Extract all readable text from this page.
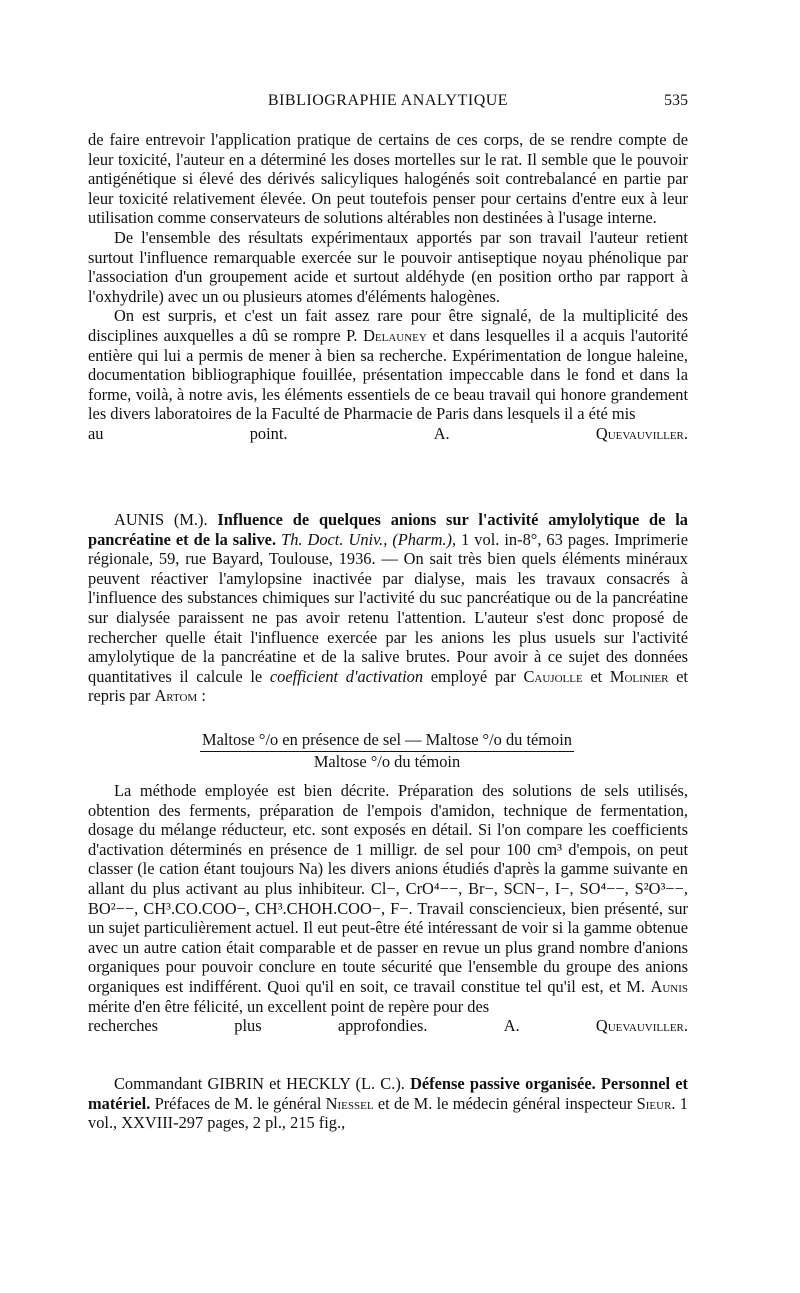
BIBLIOGRAPHIE ANALYTIQUE	535

de faire entrevoir l'application pratique de certains de ces corps, de se rendre compte de leur toxicité, l'auteur en a déterminé les doses mortelles sur le rat. Il semble que le pouvoir antigénétique si élevé des dérivés salicyliques halogénés soit contrebalancé en partie par leur toxicité relativement élevée. On peut toutefois penser pour certains d'entre eux à leur utilisation comme conservateurs de solutions altérables non destinées à l'usage interne.

De l'ensemble des résultats expérimentaux apportés par son travail l'auteur retient surtout l'influence remarquable exercée sur le pouvoir antiseptique noyau phénolique par l'association d'un groupement acide et surtout aldéhyde (en position ortho par rapport à l'oxhydrile) avec un ou plusieurs atomes d'éléments halogènes.

On est surpris, et c'est un fait assez rare pour être signalé, de la multiplicité des disciplines auxquelles a dû se rompre P. Delauney et dans lesquelles il a acquis l'autorité entière qui lui a permis de mener à bien sa recherche. Expérimentation de longue haleine, documentation bibliographique fouillée, présentation impeccable dans le fond et dans la forme, voilà, à notre avis, les éléments essentiels de ce beau travail qui honore grandement les divers laboratoires de la Faculté de Pharmacie de Paris dans lesquels il a été mis

au point.	A. Quevauviller.

AUNIS (M.). Influence de quelques anions sur l'activité amylolytique de la pancréatine et de la salive. Th. Doct. Univ., (Pharm.), 1 vol. in-8°, 63 pages. Imprimerie régionale, 59, rue Bayard, Toulouse, 1936. — On sait très bien quels éléments minéraux peuvent réactiver l'amylopsine inactivée par dialyse, mais les travaux consacrés à l'influence des substances chimiques sur l'activité du suc pancréatique ou de la pancréatine sur dialysée paraissent ne pas avoir retenu l'attention. L'auteur s'est donc proposé de rechercher quelle était l'influence exercée par les anions les plus usuels sur l'activité amylolytique de la pancréatine et de la salive brutes. Pour avoir à ce sujet des données quantitatives il calcule le coefficient d'activation employé par Caujolle et Molinier et repris par Artom :

Maltose °/o en présence de sel — Maltose °/o du témoin
Maltose °/o du témoin

La méthode employée est bien décrite. Préparation des solutions de sels utilisés, obtention des ferments, préparation de l'empois d'amidon, technique de fermentation, dosage du mélange réducteur, etc. sont exposés en détail. Si l'on compare les coefficients d'activation déterminés en présence de 1 milligr. de sel pour 100 cm³ d'empois, on peut classer (le cation étant toujours Na) les divers anions étudiés d'après la gamme suivante en allant du plus activant au plus inhibiteur. Cl−, CrO⁴−−, Br−, SCN−, I−, SO⁴−−, S²O³−−, BO²−−, CH³.CO.COO−, CH³.CHOH.COO−, F−. Travail consciencieux, bien présenté, sur un sujet particulièrement actuel. Il eut peut-être été intéressant de voir si la gamme obtenue avec un autre cation était comparable et de passer en revue un plus grand nombre d'anions organiques pour pouvoir conclure en toute sécurité que l'ensemble du groupe des anions organiques est indifférent. Quoi qu'il en soit, ce travail constitue tel qu'il est, et M. Aunis mérite d'en être félicité, un excellent point de repère pour des

recherches plus approfondies.	A. Quevauviller.

Commandant GIBRIN et HECKLY (L. C.). Défense passive organisée. Personnel et matériel. Préfaces de M. le général Niessel et de M. le médecin général inspecteur Sieur. 1 vol., XXVIII-297 pages, 2 pl., 215 fig.,
